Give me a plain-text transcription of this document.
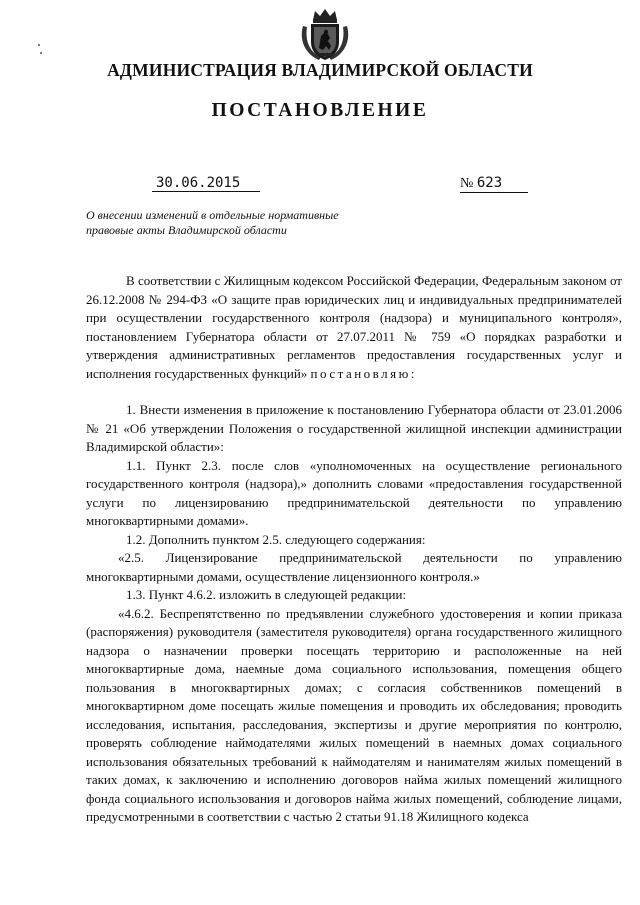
АДМИНИСТРАЦИЯ ВЛАДИМИРСКОЙ ОБЛАСТИ
ПОСТАНОВЛЕНИЕ
30.06.2015	№ 623
О внесении изменений в отдельные нормативные
правовые акты Владимирской области

В соответствии с Жилищным кодексом Российской Федерации, Федеральным законом от 26.12.2008 № 294-ФЗ «О защите прав юридических лиц и индивидуальных предпринимателей при осуществлении государственного контроля (надзора) и муниципального контроля», постановлением Губернатора области от 27.07.2011 № 759 «О порядках разработки и утверждения административных регламентов предоставления государственных услуг и исполнения государственных функций» постановляю:

1. Внести изменения в приложение к постановлению Губернатора области от 23.01.2006 № 21 «Об утверждении Положения о государственной жилищной инспекции администрации Владимирской области»:

1.1. Пункт 2.3. после слов «уполномоченных на осуществление регионального государственного контроля (надзора),» дополнить словами «предоставления государственной услуги по лицензированию предпринимательской деятельности по управлению многоквартирными домами».

1.2. Дополнить пунктом 2.5. следующего содержания:

«2.5. Лицензирование предпринимательской деятельности по управлению многоквартирными домами, осуществление лицензионного контроля.»

1.3. Пункт 4.6.2. изложить в следующей редакции:

«4.6.2. Беспрепятственно по предъявлении служебного удостоверения и копии приказа (распоряжения) руководителя (заместителя руководителя) органа государственного жилищного надзора о назначении проверки посещать территорию и расположенные на ней многоквартирные дома, наемные дома социального использования, помещения общего пользования в многоквартирных домах; с согласия собственников помещений в многоквартирном доме посещать жилые помещения и проводить их обследования; проводить исследования, испытания, расследования, экспертизы и другие мероприятия по контролю, проверять соблюдение наймодателями жилых помещений в наемных домах социального использования обязательных требований к наймодателям и нанимателям жилых помещений в таких домах, к заключению и исполнению договоров найма жилых помещений жилищного фонда социального использования и договоров найма жилых помещений, соблюдение лицами, предусмотренными в соответствии с частью 2 статьи 91.18 Жилищного кодекса
